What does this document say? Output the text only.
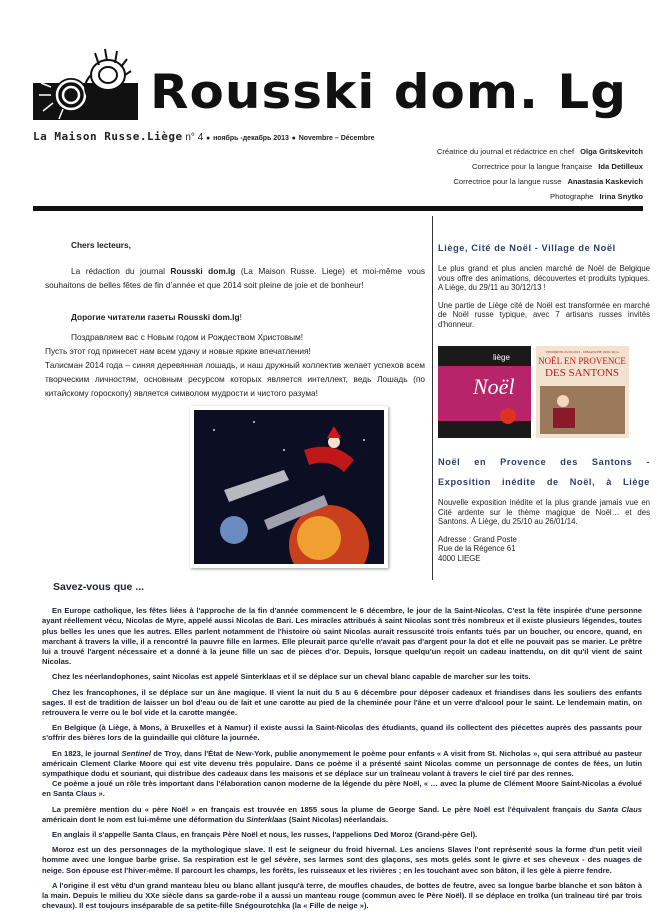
Rousski dom. Lg
La Maison Russe.Liège n° 4 ● ноябрь -декабрь 2013 ● Novembre – Décembre
Créatrice du journal et rédactrice en chef Olga Gritskevitch
Correctrice pour la langue française Ida Detilleux
Correctrice pour la langue russe Anastasia Kaskevich
Photographe Irina Snytko

Chers lecteurs,

La rédaction du journal Rousski dom.lg (La Maison Russe. Liege) et moi-même vous souhaitons de belles fêtes de fin d’année et que 2014 soit pleine de joie et de bonheur!

Дорогие читатели газеты Rousski dom.lg!

Поздравляем вас с Новым годом и Рождеством Христовым!

Пусть этот год принесет нам всем удачу и новые яркие впечатления!

Талисман 2014 года – синяя деревянная лошадь, и наш дружный коллектив желает успехов всем творческим личностям, основным ресурсом которых является интеллект, ведь Лошадь (по китайскому гороскопу) является символом мудрости и чистого разума!

Liège, Cité de Noël - Village de Noël

Le plus grand et plus ancien marché de Noël de Belgique vous offre des animations, découvertes et produits typiques. A Liège, du 29/11 au 30/12/13 !

Une partie de Liège cité de Noël est transformée en marché de Noël russe typique, avec 7 artisans russes invités d'honneur.

liège
Noël
VENDREDI 25/10/2013 - DIMANCHE 26/01/2014
NOËL EN PROVENCE
DES SANTONS
Noël en Provence des Santons - Exposition inédite de Noël, à Liège

Nouvelle exposition inédite et la plus grande jamais vue en Cité ardente sur le thème magique de Noël… et des Santons. À Liège, du 25/10 au 26/01/14.

Adresse : Grand Poste
Rue de la Régence 61
4000 LIEGE
Savez-vous que ...

En Europe catholique, les fêtes liées à l'approche de la fin d'année commencent le 6 décembre, le jour de la Saint-Nicolas. C'est la fête inspirée d'une personne ayant réellement vécu, Nicolas de Myre, appelé aussi Nicolas de Bari. Les miracles attribués à saint Nicolas sont très nombreux et il existe plusieurs légendes, toutes plus belles les unes que les autres. Elles parlent notamment de l'histoire où saint Nicolas aurait ressuscité trois enfants tués par un boucher, ou encore, quand, en marchant à travers la ville, il a rencontré la pauvre fille en larmes. Elle pleurait parce qu'elle n'avait pas d'argent pour la dot et elle ne pouvait pas se marier. Le prêtre lui a trouvé l'argent nécessaire et a donné à la jeune fille un sac de pièces d'or. Depuis, lorsque quelqu'un reçoit un cadeau inattendu, on dit qu'il vient de saint Nicolas.

Chez les néerlandophones, saint Nicolas est appelé Sinterklaas et il se déplace sur un cheval blanc capable de marcher sur les toits.

Chez les francophones, il se déplace sur un âne magique. Il vient la nuit du 5 au 6 décembre pour déposer cadeaux et friandises dans les souliers des enfants sages. Il est de tradition de laisser un bol d'eau ou de lait et une carotte au pied de la cheminée pour l'âne et un verre d'alcool pour le saint. Le lendemain matin, on retrouvera le verre ou le bol vide et la carotte mangée.

En Belgique (à Liège, à Mons, à Bruxelles et à Namur) il existe aussi la Saint-Nicolas des étudiants, quand ils collectent des piécettes auprès des passants pour s'offrir des bières lors de la guindaille qui clôture la journée.

En 1823, le journal Sentinel de Troy, dans l'État de New-York, publie anonymement le poème pour enfants « A visit from St. Nicholas », qui sera attribué au pasteur américain Clement Clarke Moore qui est vite devenu très populaire. Dans ce poème il a présenté saint Nicolas comme un personnage de contes de fées, un lutin sympathique dodu et souriant, qui distribue des cadeaux dans les maisons et se déplace sur un traîneau volant à travers le ciel tiré par des rennes.

Ce poème a joué un rôle très important dans l'élaboration canon moderne de la légende du père Noël, « … avec la plume de Clément Moore Saint-Nicolas a évolué en Santa Claus ».

La première mention du « père Noël » en français est trouvée en 1855 sous la plume de George Sand. Le père Noël est l'équivalent français du Santa Claus américain dont le nom est lui-même une déformation du Sinterklaas (Saint Nicolas) néerlandais.

En anglais il s'appelle Santa Claus, en français Père Noël et nous, les russes, l'appelions Ded Moroz (Grand-père Gel).

Moroz est un des personnages de la mythologique slave. Il est le seigneur du froid hivernal. Les anciens Slaves l'ont représenté sous la forme d'un petit vieil homme avec une longue barbe grise. Sa respiration est le gel sévère, ses larmes sont des glaçons, ses mots gelés sont le givre et ses cheveux - des nuages de neige. Son épouse est l'hiver-même. Il parcourt les champs, les forêts, les ruisseaux et les rivières ; en les touchant avec son bâton, il les gèle à pierre fendre.

A l'origine il est vêtu d'un grand manteau bleu ou blanc allant jusqu'à terre, de moufles chaudes, de bottes de feutre, avec sa longue barbe blanche et son bâton à la main. Depuis le milieu du XXe siècle dans sa garde-robe il a aussi un manteau rouge (commun avec le Père Noël). Il se déplace en troïka (un traîneau tiré par trois chevaux). Il est toujours inséparable de sa petite-fille Snégourotchka (la « Fille de neige »).
